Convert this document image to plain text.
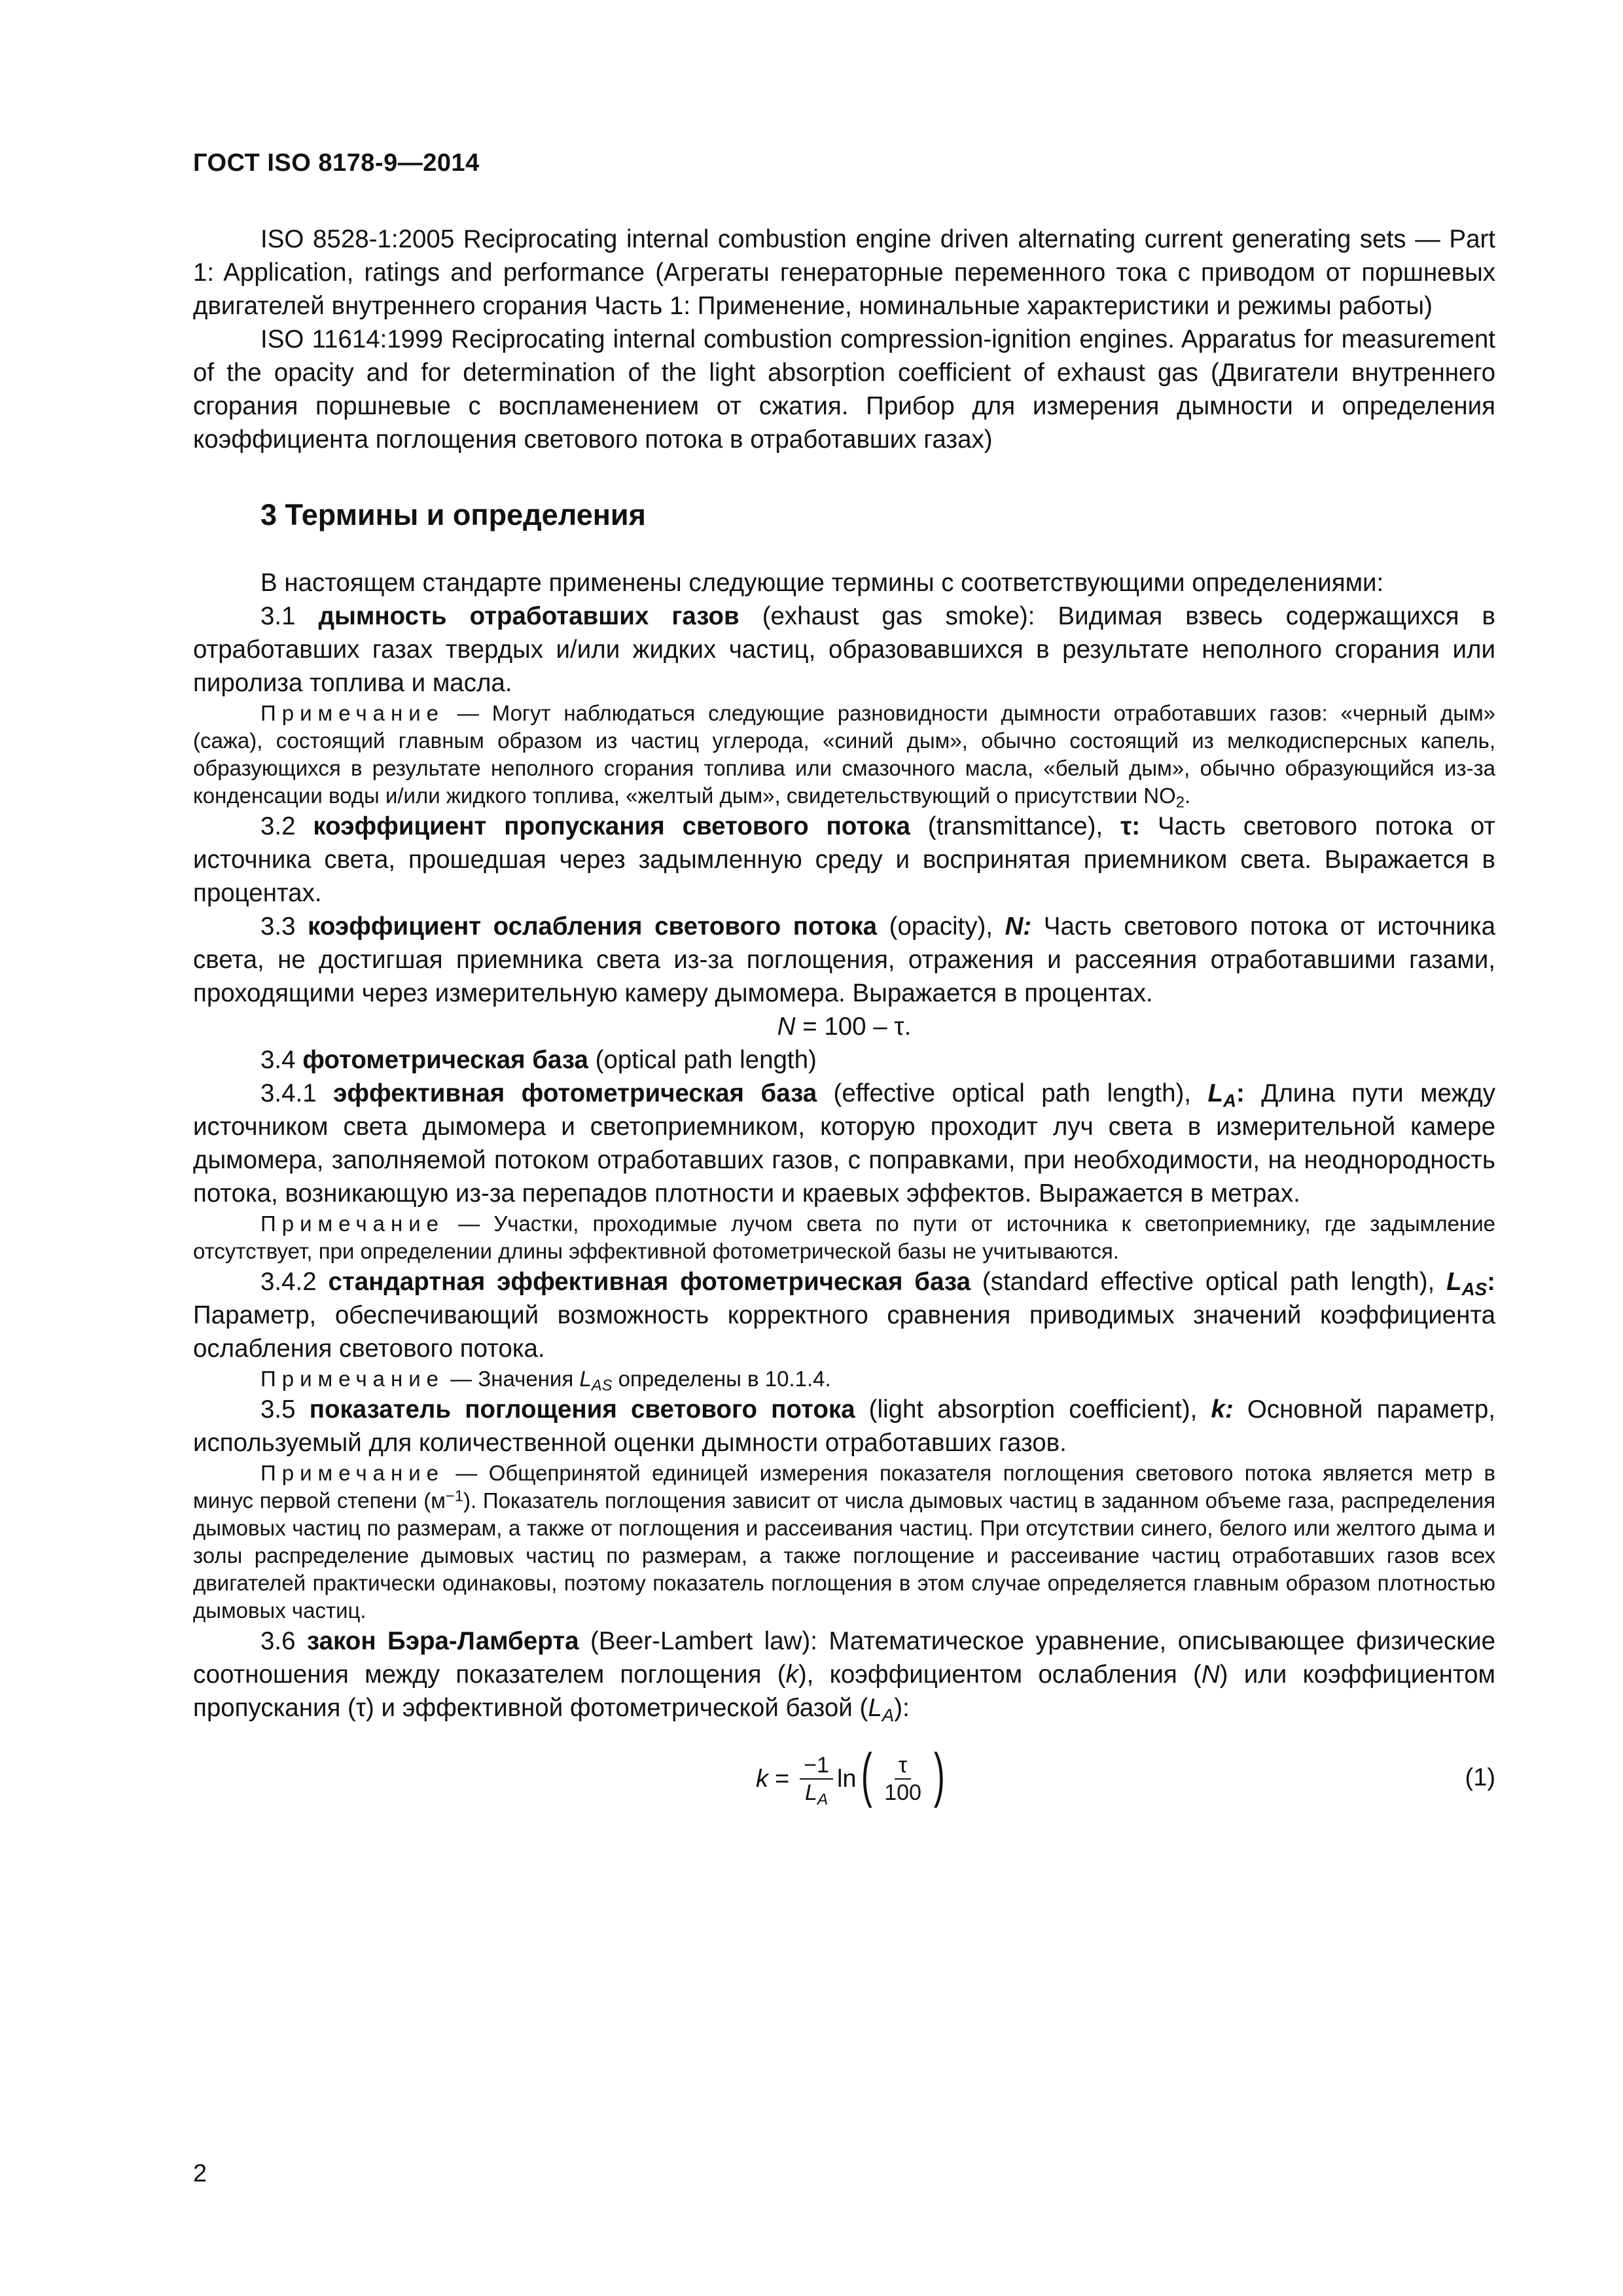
ГОСТ ISO 8178-9—2014

ISO 8528-1:2005 Reciprocating internal combustion engine driven alternating current generating sets — Part 1: Application, ratings and performance (Агрегаты генераторные переменного тока с приводом от поршневых двигателей внутреннего сгорания Часть 1: Применение, номинальные характеристики и режимы работы)

ISO 11614:1999 Reciprocating internal combustion compression-ignition engines. Apparatus for measurement of the opacity and for determination of the light absorption coefficient of exhaust gas (Двигатели внутреннего сгорания поршневые с воспламенением от сжатия. Прибор для измерения дымности и определения коэффициента поглощения светового потока в отработавших газах)

3 Термины и определения

В настоящем стандарте применены следующие термины с соответствующими определениями:

3.1 дымность отработавших газов (exhaust gas smoke): Видимая взвесь содержащихся в отработавших газах твердых и/или жидких частиц, образовавшихся в результате неполного сгорания или пиролиза топлива и масла.

Примечание — Могут наблюдаться следующие разновидности дымности отработавших газов: «черный дым» (сажа), состоящий главным образом из частиц углерода, «синий дым», обычно состоящий из мелкодисперсных капель, образующихся в результате неполного сгорания топлива или смазочного масла, «белый дым», обычно образующийся из-за конденсации воды и/или жидкого топлива, «желтый дым», свидетельствующий о присутствии $NO_2$.

3.2 коэффициент пропускания светового потока (transmittance), τ: Часть светового потока от источника света, прошедшая через задымленную среду и воспринятая приемником света. Выражается в процентах.

3.3 коэффициент ослабления светового потока (opacity), N: Часть светового потока от источника света, не достигшая приемника света из-за поглощения, отражения и рассеяния отработавшими газами, проходящими через измерительную камеру дымомера. Выражается в процентах.

N = 100 – τ.

3.4 фотометрическая база (optical path length)

3.4.1 эффективная фотометрическая база (effective optical path length), $L_A$: Длина пути между источником света дымомера и светоприемником, которую проходит луч света в измерительной камере дымомера, заполняемой потоком отработавших газов, с поправками, при необходимости, на неоднородность потока, возникающую из-за перепадов плотности и краевых эффектов. Выражается в метрах.

Примечание — Участки, проходимые лучом света по пути от источника к светоприемнику, где задымление отсутствует, при определении длины эффективной фотометрической базы не учитываются.

3.4.2 стандартная эффективная фотометрическая база (standard effective optical path length), $L_{AS}$: Параметр, обеспечивающий возможность корректного сравнения приводимых значений коэффициента ослабления светового потока.

Примечание — Значения $L_{AS}$ определены в 10.1.4.

3.5 показатель поглощения светового потока (light absorption coefficient), k: Основной параметр, используемый для количественной оценки дымности отработавших газов.

Примечание — Общепринятой единицей измерения показателя поглощения светового потока является метр в минус первой степени $(м^{-1})$. Показатель поглощения зависит от числа дымовых частиц в заданном объеме газа, распределения дымовых частиц по размерам, а также от поглощения и рассеивания частиц. При отсутствии синего, белого или желтого дыма и золы распределение дымовых частиц по размерам, а также поглощение и рассеивание частиц отработавших газов всех двигателей практически одинаковы, поэтому показатель поглощения в этом случае определяется главным образом плотностью дымовых частиц.

3.6 закон Бэра-Ламберта (Beer-Lambert law): Математическое уравнение, описывающее физические соотношения между показателем поглощения (k), коэффициентом ослабления (N) или коэффициентом пропускания (τ) и эффективной фотометрической базой $(L_A)$:

$k = \frac{-1}{L_A}$ ln ( $\frac{\tau}{100}$ )	(1)
2
